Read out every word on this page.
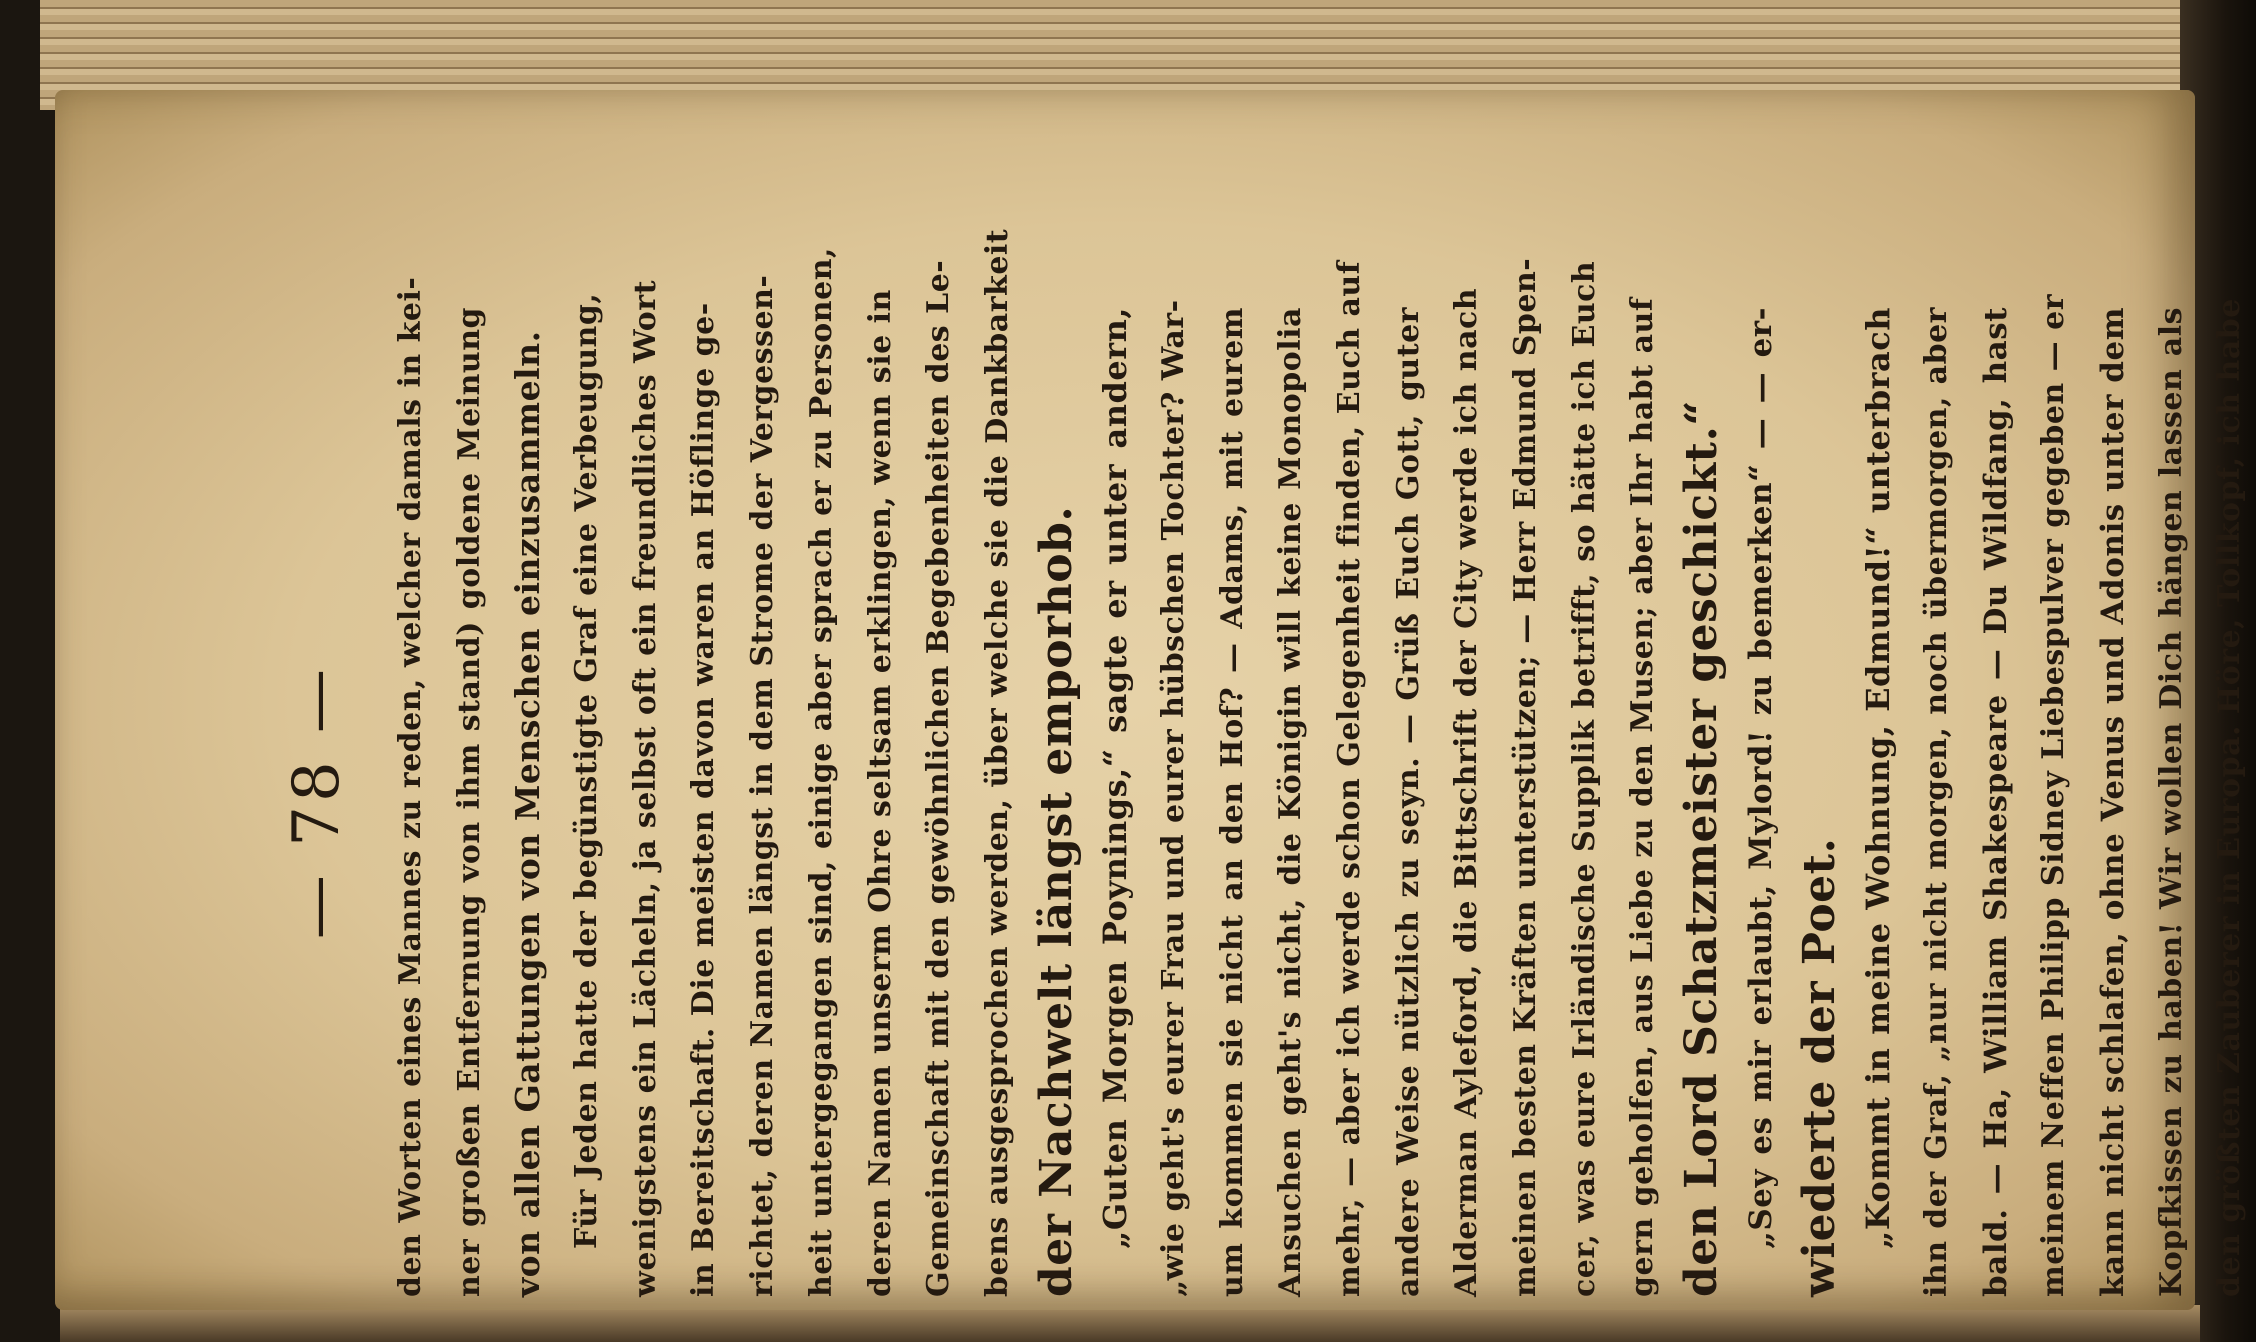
— 78 —	den Worten eines Mannes zu reden, welcher damals in kei- ner großen Entfernung von ihm stand) goldene Meinung von allen Gattungen von Menschen einzusammeln. Für Jeden hatte der begünstigte Graf eine Verbeugung, wenigstens ein Lächeln, ja selbst oft ein freundliches Wort in Bereitschaft. Die meisten davon waren an Höflinge ge- richtet, deren Namen längst in dem Strome der Vergessen- heit untergegangen sind, einige aber sprach er zu Personen, deren Namen unserm Ohre seltsam erklingen, wenn sie in Gemeinschaft mit den gewöhnlichen Begebenheiten des Le- bens ausgesprochen werden, über welche sie die Dankbarkeit der Nachwelt längst emporhob. „Guten Morgen Poynings,“ sagte er unter andern, „wie geht's eurer Frau und eurer hübschen Tochter? War- um kommen sie nicht an den Hof? — Adams, mit eurem Ansuchen geht's nicht, die Königin will keine Monopolia mehr, — aber ich werde schon Gelegenheit finden, Euch auf andere Weise nützlich zu seyn. — Grüß Euch Gott, guter Alderman Ayleford, die Bittschrift der City werde ich nach meinen besten Kräften unterstützen; — Herr Edmund Spen- cer, was eure Irländische Supplik betrifft, so hätte ich Euch gern geholfen, aus Liebe zu den Musen; aber Ihr habt auf den Lord Schatzmeister geschickt.“ „Sey es mir erlaubt, Mylord! zu bemerken“ — — er- wiederte der Poet. „Kommt in meine Wohnung, Edmund!“ unterbrach ihn der Graf, „nur nicht morgen, noch übermorgen, aber bald. — Ha, William Shakespeare — Du Wildfang, hast meinem Neffen Philipp Sidney Liebespulver gegeben — er kann nicht schlafen, ohne Venus und Adonis unter dem Kopfkissen zu haben! Wir wollen Dich hängen lassen als den größten Zauberer in Europa. Höre, Tollkopf, ich habe
